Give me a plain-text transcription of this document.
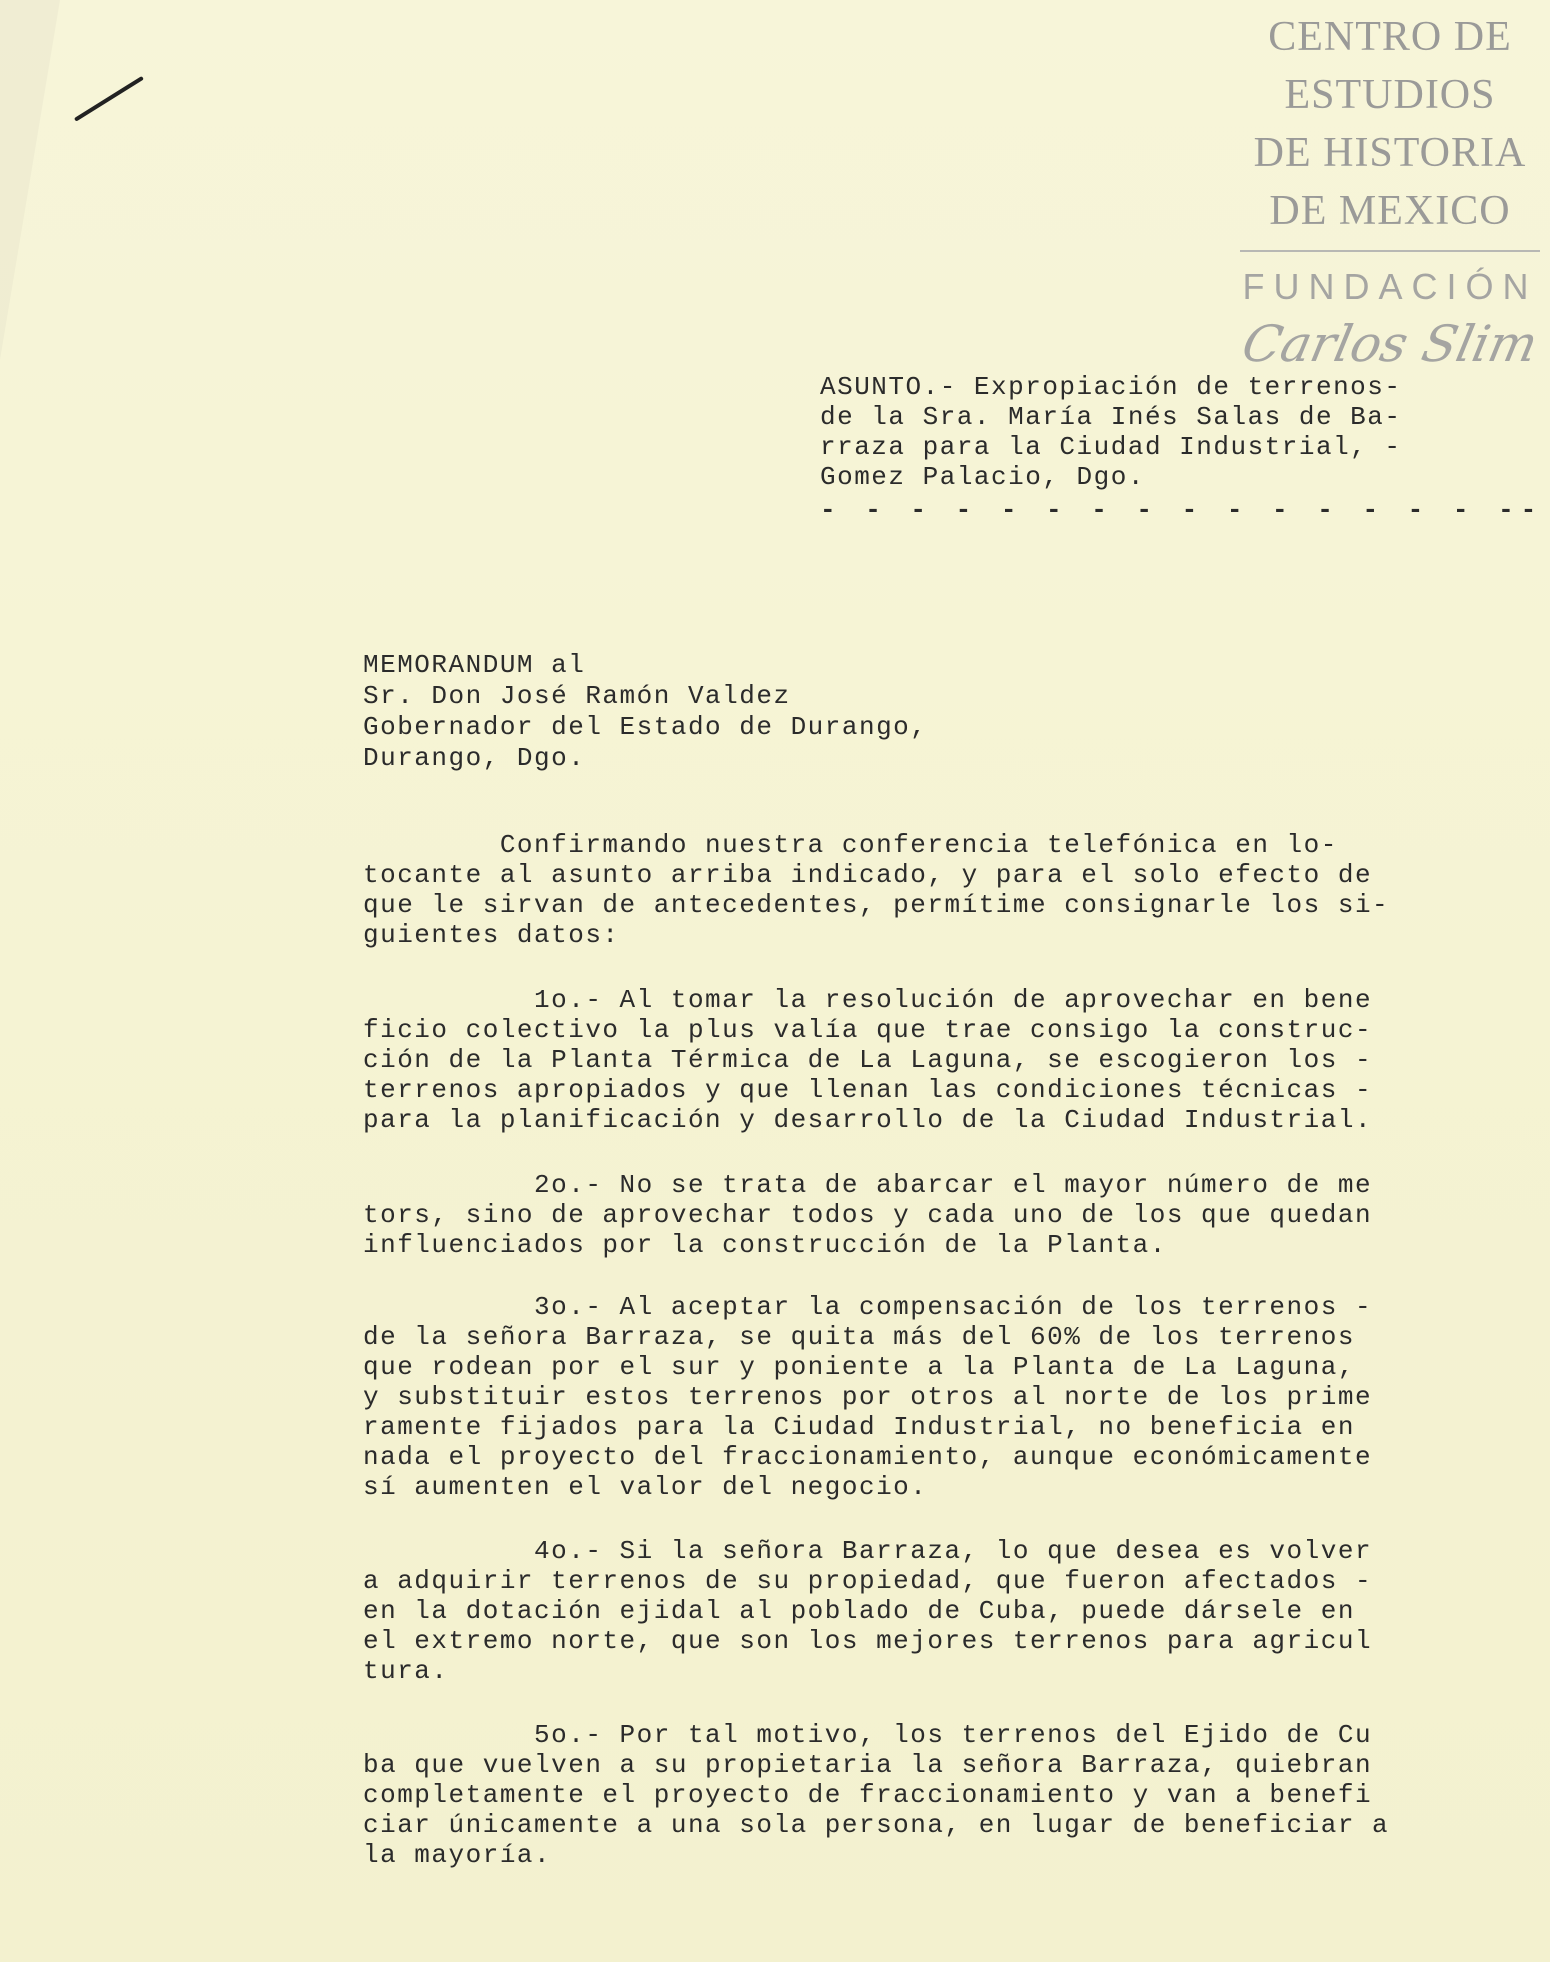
CENTRO DE
ESTUDIOS
DE HISTORIA
DE MEXICO
FUNDACIÓN
Carlos Slim
ASUNTO.- Expropiación de terrenos-
de la Sra. María Inés Salas de Ba-
rraza para la Ciudad Industrial, -
Gomez Palacio, Dgo.
- - - - - - - - - - - - - - - --
MEMORANDUM al
Sr. Don José Ramón Valdez
Gobernador del Estado de Durango,
Durango, Dgo.
Confirmando nuestra conferencia telefónica en lo-
tocante al asunto arriba indicado, y para el solo efecto de
que le sirvan de antecedentes, permítime consignarle los si-
guientes datos:
1o.- Al tomar la resolución de aprovechar en bene
ficio colectivo la plus valía que trae consigo la construc-
ción de la Planta Térmica de La Laguna, se escogieron los -
terrenos apropiados y que llenan las condiciones técnicas -
para la planificación y desarrollo de la Ciudad Industrial.
2o.- No se trata de abarcar el mayor número de me
tors, sino de aprovechar todos y cada uno de los que quedan
influenciados por la construcción de la Planta.
3o.- Al aceptar la compensación de los terrenos -
de la señora Barraza, se quita más del 60% de los terrenos
que rodean por el sur y poniente a la Planta de La Laguna,
y substituir estos terrenos por otros al norte de los prime
ramente fijados para la Ciudad Industrial, no beneficia en
nada el proyecto del fraccionamiento, aunque económicamente
sí aumenten el valor del negocio.
4o.- Si la señora Barraza, lo que desea es volver
a adquirir terrenos de su propiedad, que fueron afectados -
en la dotación ejidal al poblado de Cuba, puede dársele en
el extremo norte, que son los mejores terrenos para agricul
tura.
5o.- Por tal motivo, los terrenos del Ejido de Cu
ba que vuelven a su propietaria la señora Barraza, quiebran
completamente el proyecto de fraccionamiento y van a benefi
ciar únicamente a una sola persona, en lugar de beneficiar a
la mayoría.
